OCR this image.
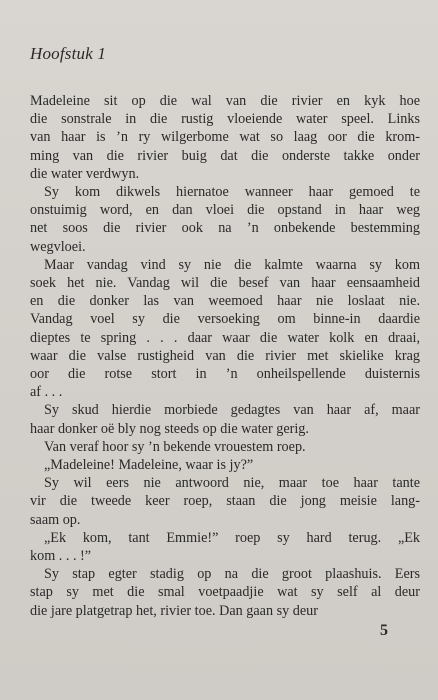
Hoofstuk 1
Madeleine sit op die wal van die rivier en kyk hoe
die sonstrale in die rustig vloeiende water speel. Links
van haar is ’n ry wilgerbome wat so laag oor die krom-
ming van die rivier buig dat die onderste takke onder
die water verdwyn.
Sy kom dikwels hiernatoe wanneer haar gemoed te
onstuimig word, en dan vloei die opstand in haar weg
net soos die rivier ook na ’n onbekende bestemming
wegvloei.
Maar vandag vind sy nie die kalmte waarna sy kom
soek het nie. Vandag wil die besef van haar eensaamheid
en die donker las van weemoed haar nie loslaat nie.
Vandag voel sy die versoeking om binne-in daardie
dieptes te spring . . . daar waar die water kolk en draai,
waar die valse rustigheid van die rivier met skielike krag
oor die rotse stort in ’n onheilspellende duisternis
af . . .
Sy skud hierdie morbiede gedagtes van haar af, maar
haar donker oë bly nog steeds op die water gerig.
Van veraf hoor sy ’n bekende vrouestem roep.
„Madeleine! Madeleine, waar is jy?”
Sy wil eers nie antwoord nie, maar toe haar tante
vir die tweede keer roep, staan die jong meisie lang-
saam op.
„Ek kom, tant Emmie!” roep sy hard terug. „Ek
kom . . . !”
Sy stap egter stadig op na die groot plaashuis. Eers
stap sy met die smal voetpaadjie wat sy self al deur
die jare platgetrap het, rivier toe. Dan gaan sy deur
5
